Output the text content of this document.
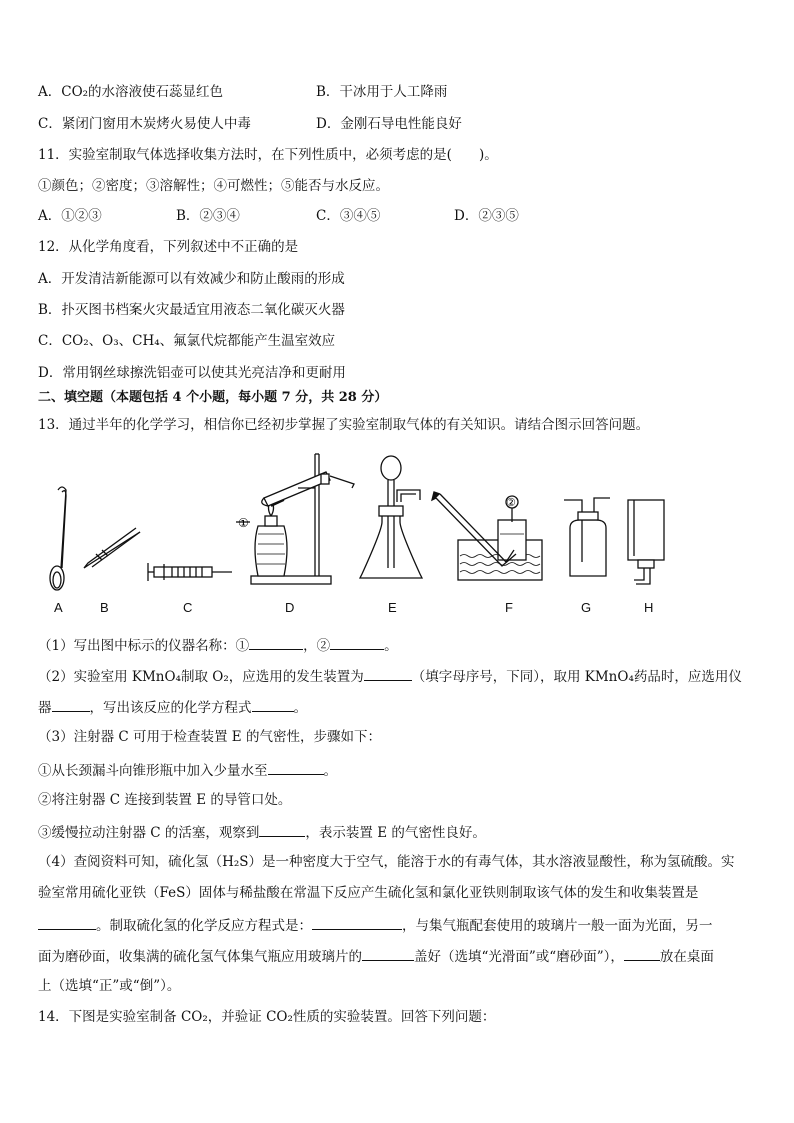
A．CO₂的水溶液使石蕊显红色	B．干冰用于人工降雨
C．紧闭门窗用木炭烤火易使人中毒	D．金刚石导电性能良好
11．实验室制取气体选择收集方法时，在下列性质中，必须考虑的是(　　)。
①颜色；②密度；③溶解性；④可燃性；⑤能否与水反应。
A．①②③	B．②③④	C．③④⑤	D．②③⑤
12．从化学角度看，下列叙述中不正确的是
A．开发清洁新能源可以有效减少和防止酸雨的形成
B．扑灭图书档案火灾最适宜用液态二氧化碳灭火器
C．CO₂、O₃、CH₄、氟氯代烷都能产生温室效应
D．常用钢丝球擦洗铝壶可以使其光亮洁净和更耐用
二、填空题（本题包括 4 个小题，每小题 7 分，共 28 分）
13．通过半年的化学学习，相信你已经初步掌握了实验室制取气体的有关知识。请结合图示回答问题。
①
②
A	B	C	D	E	F	G	H
（1）写出图中标示的仪器名称：①	，②	。
（2）实验室用 KMnO₄制取 O₂，应选用的发生装置为	（填字母序号，下同），取用 KMnO₄药品时，应选用仪
器	，写出该反应的化学方程式	。
（3）注射器 C 可用于检查装置 E 的气密性，步骤如下：
①从长颈漏斗向锥形瓶中加入少量水至	。
②将注射器 C 连接到装置 E 的导管口处。
③缓慢拉动注射器 C 的活塞，观察到	，表示装置 E 的气密性良好。
（4）查阅资料可知，硫化氢（H₂S）是一种密度大于空气，能溶于水的有毒气体，其水溶液显酸性，称为氢硫酸。实
验室常用硫化亚铁（FeS）固体与稀盐酸在常温下反应产生硫化氢和氯化亚铁则制取该气体的发生和收集装置是
。制取硫化氢的化学反应方程式是：	，与集气瓶配套使用的玻璃片一般一面为光面，另一
面为磨砂面，收集满的硫化氢气体集气瓶应用玻璃片的	盖好（选填“光滑面”或“磨砂面”），	放在桌面
上（选填“正”或“倒”）。
14．下图是实验室制备 CO₂，并验证 CO₂性质的实验装置。回答下列问题：
